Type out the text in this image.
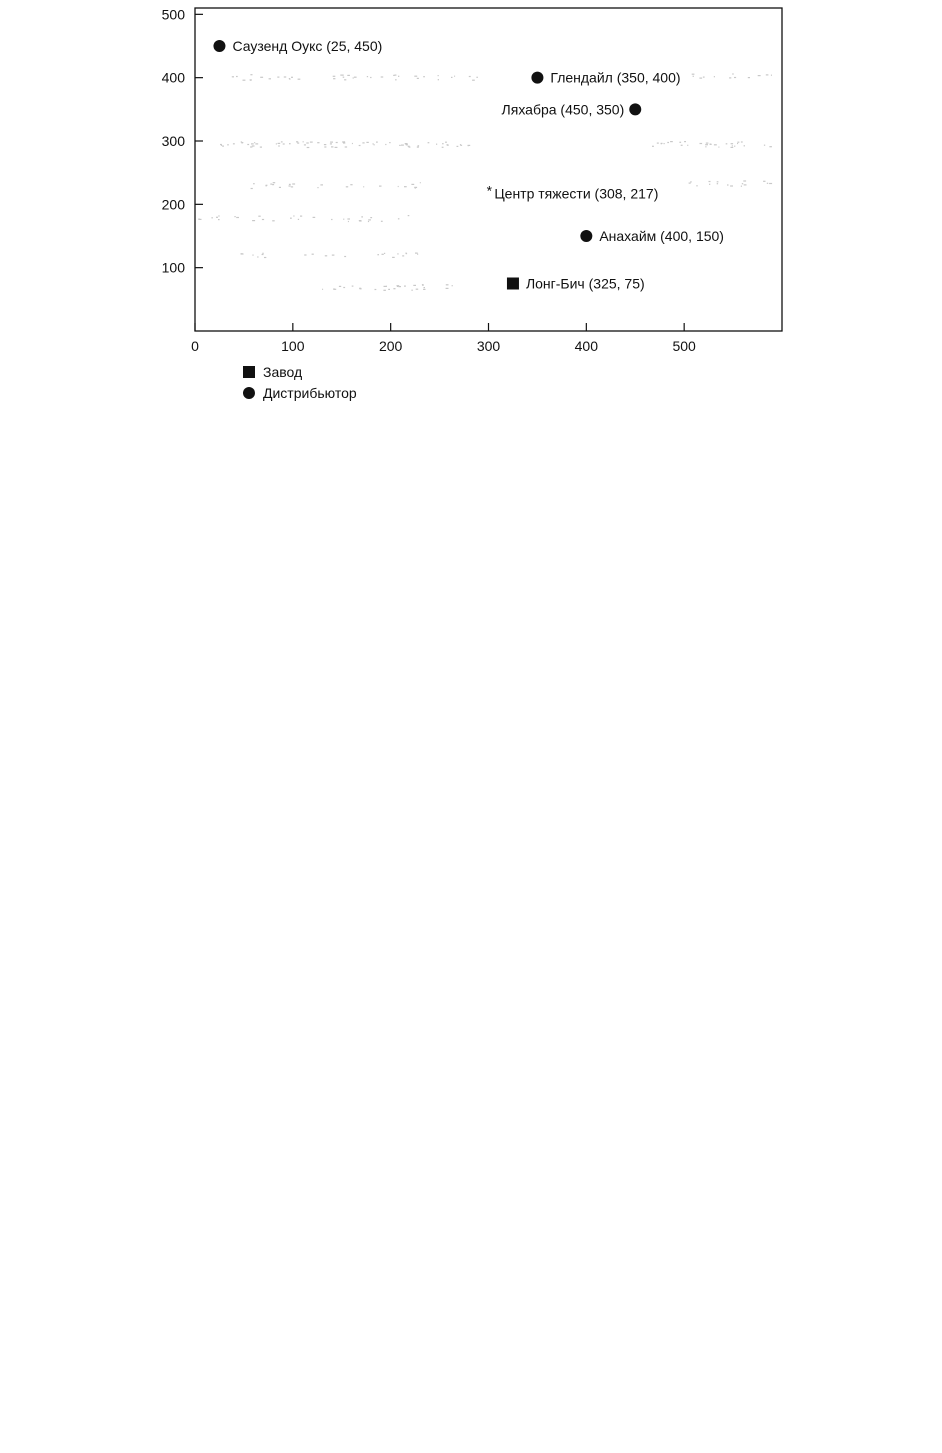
100
200
300
400
500
0	100	200	300	400	500
Лонг-Бич (325, 75)
Саузенд Оукс (25, 450)
Глендайл (350, 400)
Ляхабра (450, 350)
Анахайм (400, 150)
* Центр тяжести (308, 217)
Завод
Дистрибьютор
